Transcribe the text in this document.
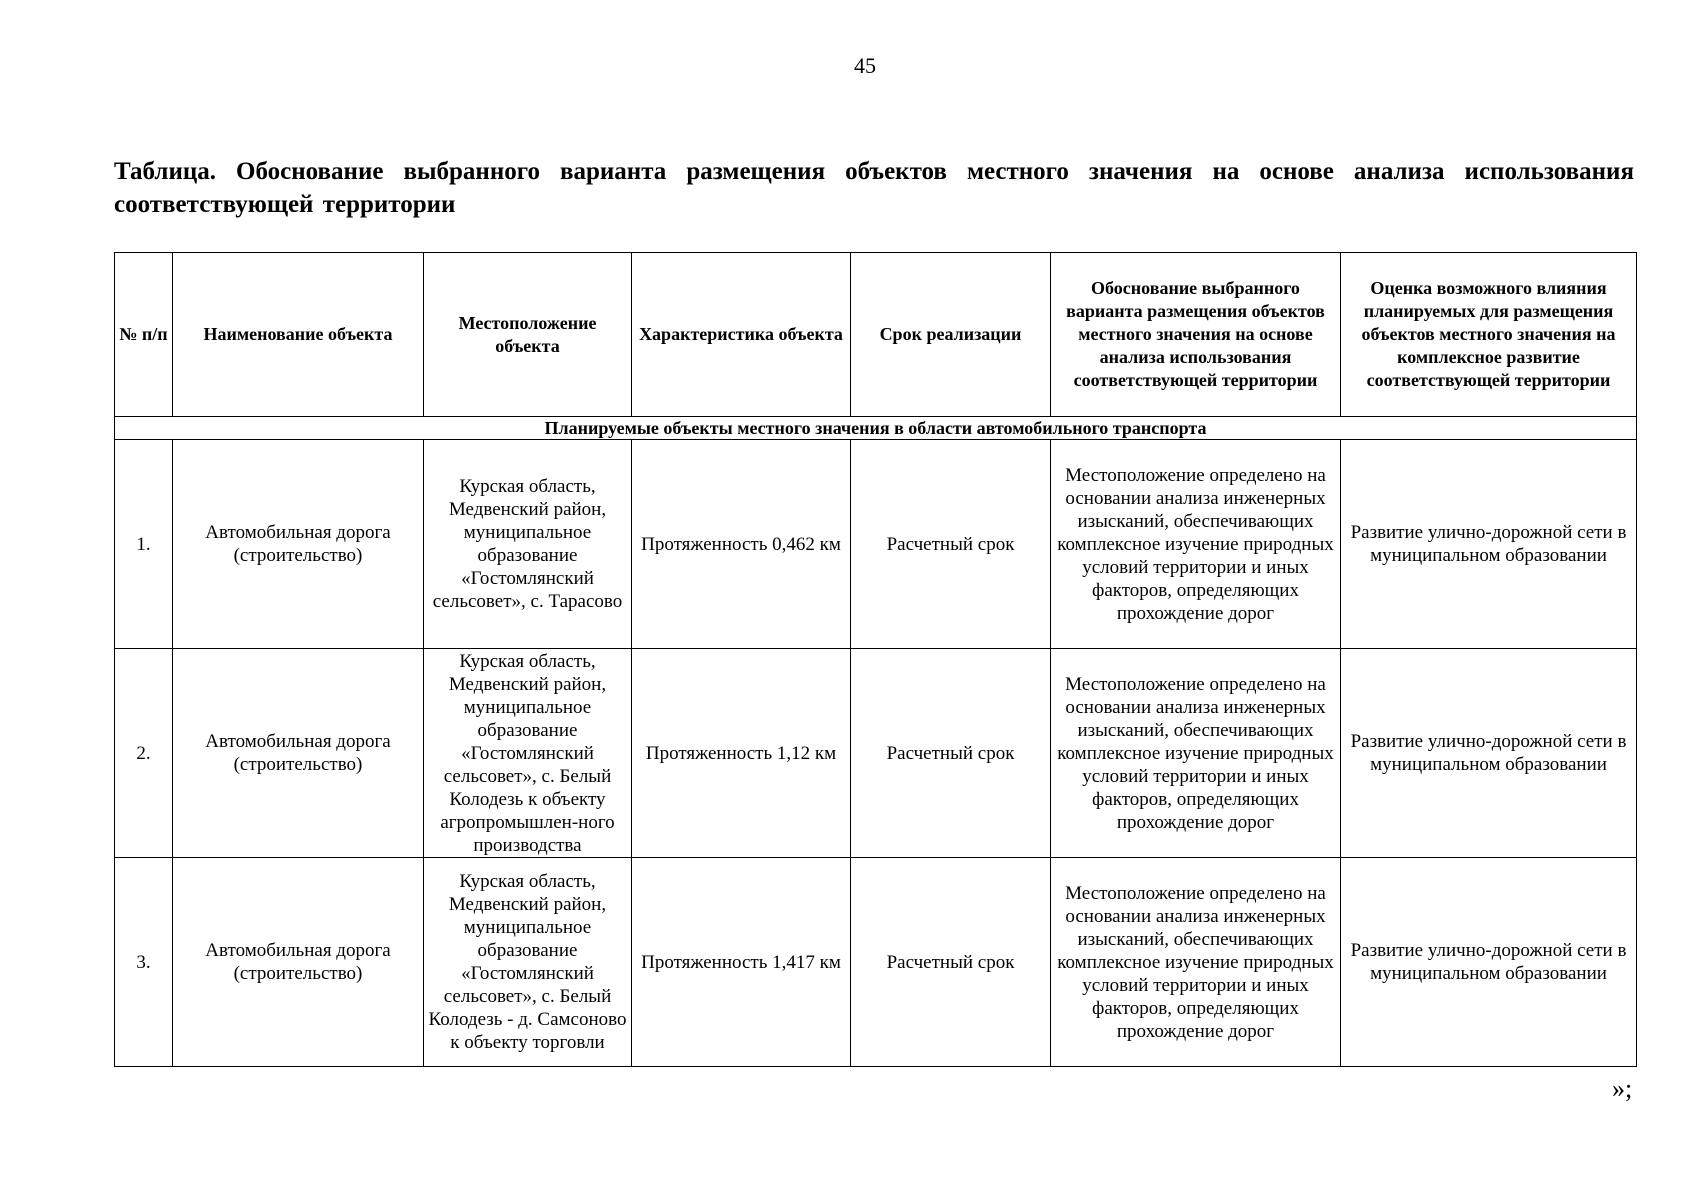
45
Таблица. Обоснование выбранного варианта размещения объектов местного значения на основе анализа использования соответствующей территории
№ п/п	Наименование объекта	Местоположение объекта	Характеристика объекта	Срок реализации	Обоснование выбранного варианта размещения объектов местного значения на основе анализа использования соответствующей территории	Оценка возможного влияния планируемых для размещения объектов местного значения на комплексное развитие соответствующей территории
Планируемые объекты местного значения в области автомобильного транспорта						
1.	Автомобильная дорога (строительство)	Курская область, Медвенский район, муниципальное образование «Гостомлянский сельсовет», с. Тарасово	Протяженность 0,462 км	Расчетный срок	Местоположение определено на основании анализа инженерных изысканий, обеспечивающих комплексное изучение природных условий территории и иных факторов, определяющих прохождение дорог	Развитие улично-дорожной сети в муниципальном образовании
2.	Автомобильная дорога (строительство)	Курская область, Медвенский район, муниципальное образование «Гостомлянский сельсовет», с. Белый Колодезь к объекту агропромышлен-ного производства	Протяженность 1,12 км	Расчетный срок	Местоположение определено на основании анализа инженерных изысканий, обеспечивающих комплексное изучение природных условий территории и иных факторов, определяющих прохождение дорог	Развитие улично-дорожной сети в муниципальном образовании
3.	Автомобильная дорога (строительство)	Курская область, Медвенский район, муниципальное образование «Гостомлянский сельсовет», с. Белый Колодезь - д. Самсоново к объекту торговли	Протяженность 1,417 км	Расчетный срок	Местоположение определено на основании анализа инженерных изысканий, обеспечивающих комплексное изучение природных условий территории и иных факторов, определяющих прохождение дорог	Развитие улично-дорожной сети в муниципальном образовании
»;
